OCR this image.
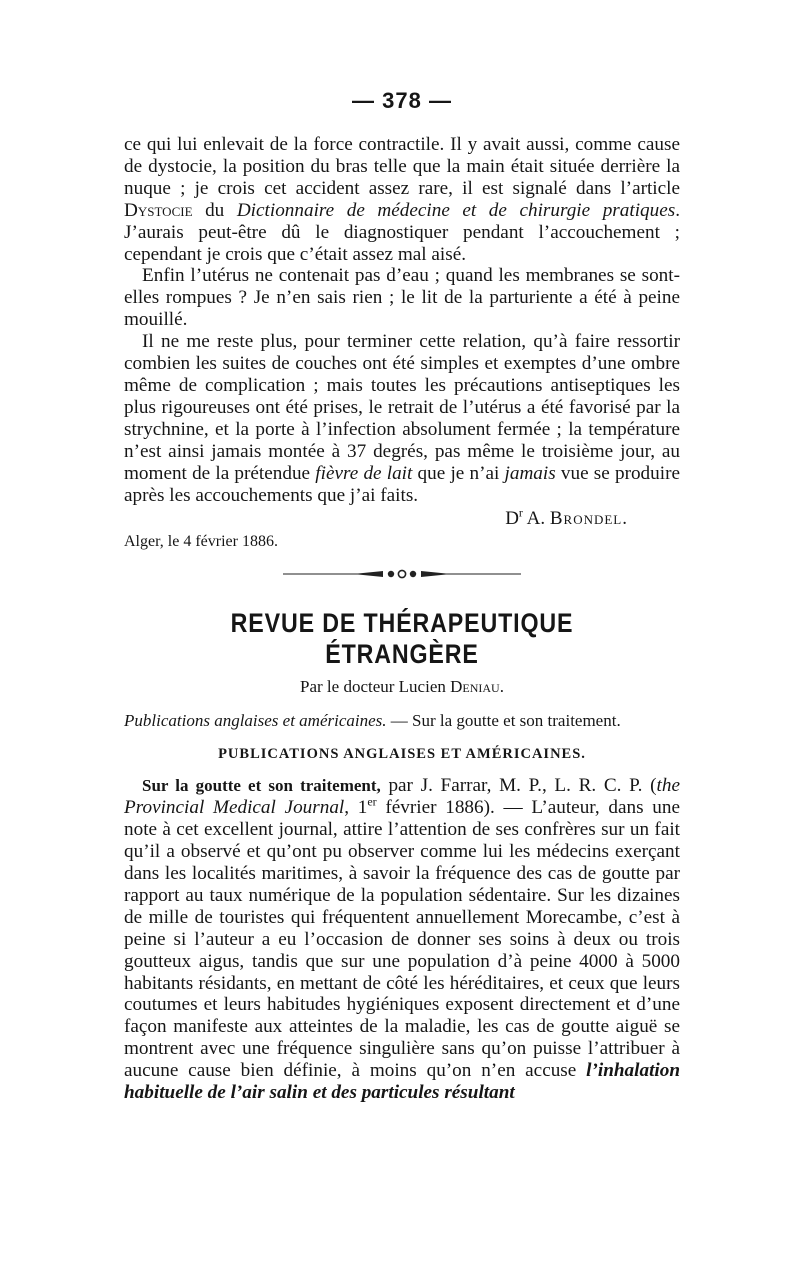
— 378 —

ce qui lui enlevait de la force contractile. Il y avait aussi, comme cause de dystocie, la position du bras telle que la main était située derrière la nuque ; je crois cet accident assez rare, il est signalé dans l’article Dystocie du Dictionnaire de médecine et de chirurgie pratiques. J’aurais peut-être dû le diagnostiquer pendant l’accouchement ; cependant je crois que c’était assez mal aisé.

Enfin l’utérus ne contenait pas d’eau ; quand les membranes se sont-elles rompues ? Je n’en sais rien ; le lit de la parturiente a été à peine mouillé.

Il ne me reste plus, pour terminer cette relation, qu’à faire ressortir combien les suites de couches ont été simples et exemptes d’une ombre même de complication ; mais toutes les précautions antiseptiques les plus rigoureuses ont été prises, le retrait de l’utérus a été favorisé par la strychnine, et la porte à l’infection absolument fermée ; la température n’est ainsi jamais montée à 37 degrés, pas même le troisième jour, au moment de la prétendue fièvre de lait que je n’ai jamais vue se produire après les accouchements que j’ai faits.

$D^r$ A. Brondel.
Alger, le 4 février 1886.
REVUE DE THÉRAPEUTIQUE ÉTRANGÈRE
Par le docteur Lucien Deniau.
Publications anglaises et américaines. — Sur la goutte et son traitement.
PUBLICATIONS ANGLAISES ET AMÉRICAINES.

Sur la goutte et son traitement, par J. Farrar, M. P., L. R. C. P. (the Provincial Medical Journal, 1er février 1886). — L’auteur, dans une note à cet excellent journal, attire l’attention de ses confrères sur un fait qu’il a observé et qu’ont pu observer comme lui les médecins exerçant dans les localités maritimes, à savoir la fréquence des cas de goutte par rapport au taux numérique de la population sédentaire. Sur les dizaines de mille de touristes qui fréquentent annuellement Morecambe, c’est à peine si l’auteur a eu l’occasion de donner ses soins à deux ou trois goutteux aigus, tandis que sur une population d’à peine 4000 à 5000 habitants résidants, en mettant de côté les héréditaires, et ceux que leurs coutumes et leurs habitudes hygiéniques exposent directement et d’une façon manifeste aux atteintes de la maladie, les cas de goutte aiguë se montrent avec une fréquence singulière sans qu’on puisse l’attribuer à aucune cause bien définie, à moins qu’on n’en accuse l’inhalation habituelle de l’air salin et des particules résultant
